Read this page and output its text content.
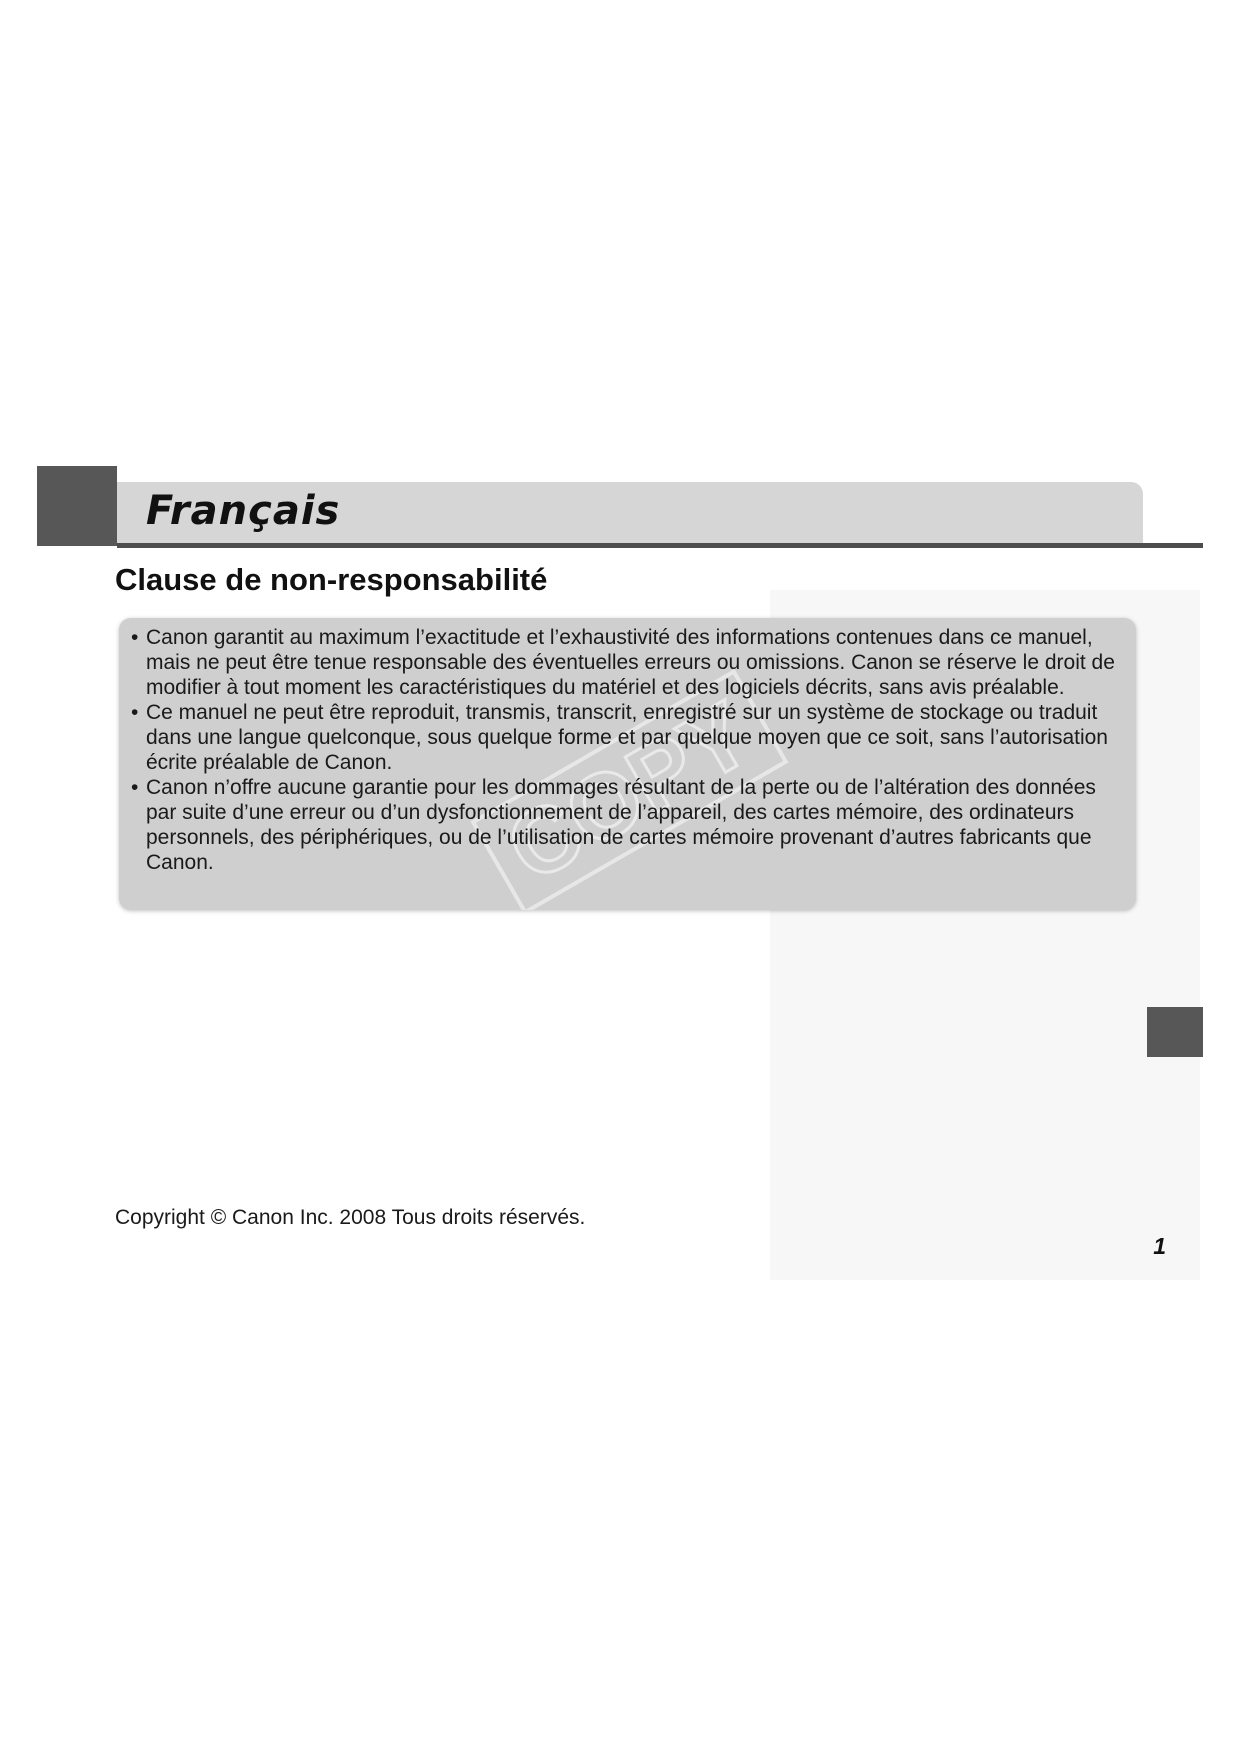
Français
Clause de non-responsabilité
COPY
• Canon garantit au maximum l’exactitude et l’exhaustivité des informations contenues dans ce manuel, mais ne peut être tenue responsable des éventuelles erreurs ou omissions. Canon se réserve le droit de modifier à tout moment les caractéristiques du matériel et des logiciels décrits, sans avis préalable.
• Ce manuel ne peut être reproduit, transmis, transcrit, enregistré sur un système de stockage ou traduit dans une langue quelconque, sous quelque forme et par quelque moyen que ce soit, sans l’autorisation écrite préalable de Canon.
• Canon n’offre aucune garantie pour les dommages résultant de la perte ou de l’altération des données par suite d’une erreur ou d’un dysfonctionnement de l’appareil, des cartes mémoire, des ordinateurs personnels, des périphériques, ou de l’utilisation de cartes mémoire provenant d’autres fabricants que Canon.
Copyright © Canon Inc. 2008 Tous droits réservés.
1
